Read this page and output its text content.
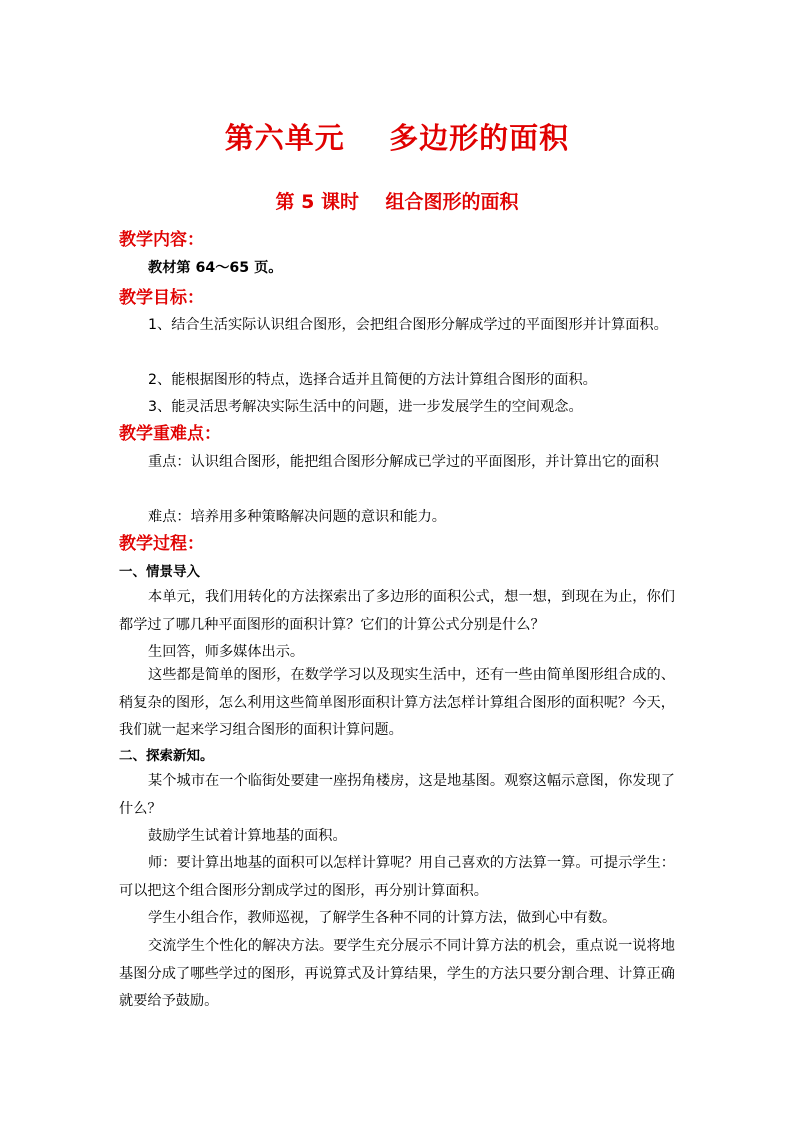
第六单元    多边形的面积
第 5 课时    组合图形的面积
教学内容：
教材第 64～65 页。
教学目标：
1、结合生活实际认识组合图形，会把组合图形分解成学过的平面图形并计算面积。
2、能根据图形的特点，选择合适并且简便的方法计算组合图形的面积。
3、能灵活思考解决实际生活中的问题，进一步发展学生的空间观念。
教学重难点：
重点：认识组合图形，能把组合图形分解成已学过的平面图形，并计算出它的面积
难点：培养用多种策略解决问题的意识和能力。
教学过程：
一、情景导入
本单元，我们用转化的方法探索出了多边形的面积公式，想一想，到现在为止，你们都学过了哪几种平面图形的面积计算？它们的计算公式分别是什么？
生回答，师多媒体出示。
这些都是简单的图形，在数学学习以及现实生活中，还有一些由简单图形组合成的、稍复杂的图形，怎么利用这些简单图形面积计算方法怎样计算组合图形的面积呢？今天，我们就一起来学习组合图形的面积计算问题。
二、探索新知。
某个城市在一个临街处要建一座拐角楼房，这是地基图。观察这幅示意图，你发现了什么？
鼓励学生试着计算地基的面积。
师：要计算出地基的面积可以怎样计算呢？用自己喜欢的方法算一算。可提示学生：可以把这个组合图形分割成学过的图形，再分别计算面积。
学生小组合作，教师巡视，了解学生各种不同的计算方法，做到心中有数。
交流学生个性化的解决方法。要学生充分展示不同计算方法的机会，重点说一说将地基图分成了哪些学过的图形，再说算式及计算结果，学生的方法只要分割合理、计算正确就要给予鼓励。
